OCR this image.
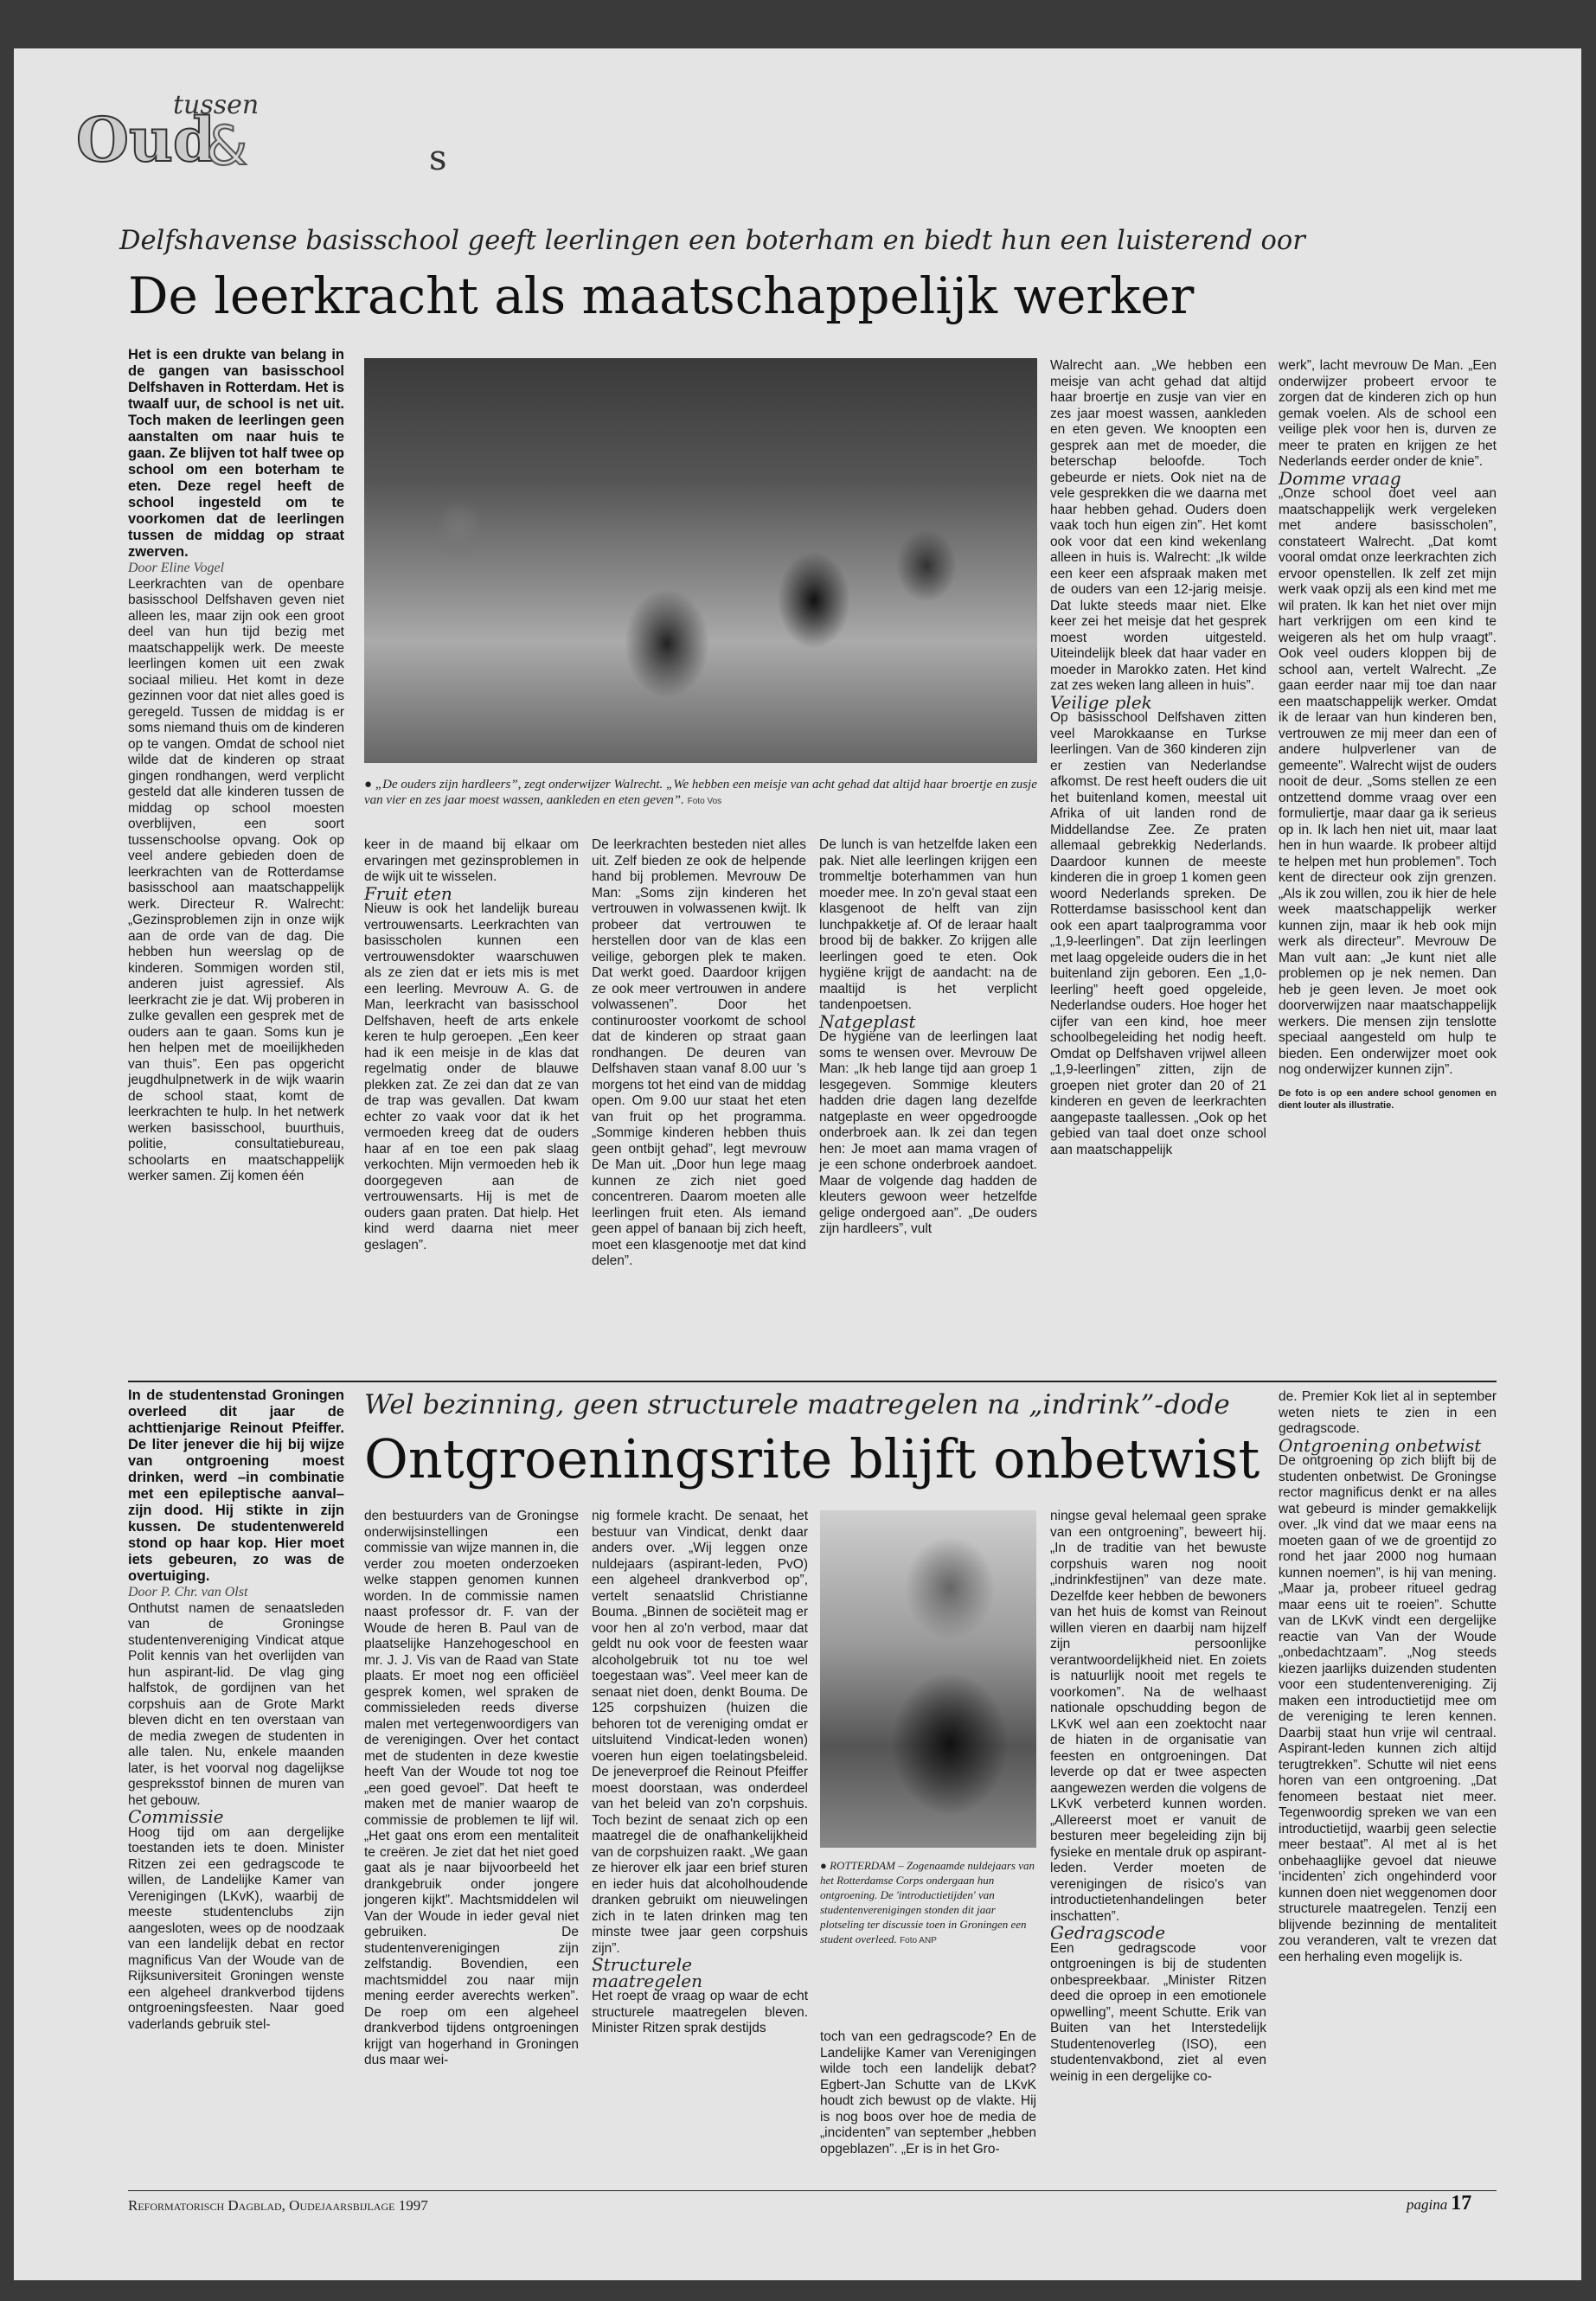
tussen
Oud
&	s
Delfshavense basisschool geeft leerlingen een boterham en biedt hun een luisterend oor
De leerkracht als maatschappelijk werker

Het is een drukte van belang in de gangen van basisschool Delfshaven in Rotterdam. Het is twaalf uur, de school is net uit. Toch maken de leerlingen geen aanstalten om naar huis te gaan. Ze blijven tot half twee op school om een boterham te eten. Deze regel heeft de school ingesteld om te voorkomen dat de leerlingen tussen de middag op straat zwerven.

Door Eline Vogel

Leerkrachten van de openbare basisschool Delfshaven geven niet alleen les, maar zijn ook een groot deel van hun tijd bezig met maatschappelijk werk. De meeste leerlingen komen uit een zwak sociaal milieu. Het komt in deze gezinnen voor dat niet alles goed is geregeld. Tussen de middag is er soms niemand thuis om de kinderen op te vangen. Omdat de school niet wilde dat de kinderen op straat gingen rondhangen, werd verplicht gesteld dat alle kinderen tussen de middag op school moesten overblijven, een soort tussenschoolse opvang. Ook op veel andere gebieden doen de leerkrachten van de Rotterdamse basisschool aan maatschappelijk werk. Directeur R. Walrecht: „Gezinsproblemen zijn in onze wijk aan de orde van de dag. Die hebben hun weerslag op de kinderen. Sommigen worden stil, anderen juist agressief. Als leerkracht zie je dat. Wij proberen in zulke gevallen een gesprek met de ouders aan te gaan. Soms kun je hen helpen met de moeilijkheden van thuis”. Een pas opgericht jeugdhulpnetwerk in de wijk waarin de school staat, komt de leerkrachten te hulp. In het netwerk werken basisschool, buurthuis, politie, consultatiebureau, schoolarts en maatschappelijk werker samen. Zij komen één

● „De ouders zijn hardleers”, zegt onderwijzer Walrecht. „We hebben een meisje van acht gehad dat altijd haar broertje en zusje van vier en zes jaar moest wassen, aankleden en eten geven”. Foto Vos

keer in de maand bij elkaar om ervaringen met gezinsproblemen in de wijk uit te wisselen.

Fruit eten

Nieuw is ook het landelijk bureau vertrouwensarts. Leerkrachten van basisscholen kunnen een vertrouwensdokter waarschuwen als ze zien dat er iets mis is met een leerling. Mevrouw A. G. de Man, leerkracht van basisschool Delfshaven, heeft de arts enkele keren te hulp geroepen. „Een keer had ik een meisje in de klas dat regelmatig onder de blauwe plekken zat. Ze zei dan dat ze van de trap was gevallen. Dat kwam echter zo vaak voor dat ik het vermoeden kreeg dat de ouders haar af en toe een pak slaag verkochten. Mijn vermoeden heb ik doorgegeven aan de vertrouwensarts. Hij is met de ouders gaan praten. Dat hielp. Het kind werd daarna niet meer geslagen”.

De leerkrachten besteden niet alles uit. Zelf bieden ze ook de helpende hand bij problemen. Mevrouw De Man: „Soms zijn kinderen het vertrouwen in volwassenen kwijt. Ik probeer dat vertrouwen te herstellen door van de klas een veilige, geborgen plek te maken. Dat werkt goed. Daardoor krijgen ze ook meer vertrouwen in andere volwassenen”. Door het continurooster voorkomt de school dat de kinderen op straat gaan rondhangen. De deuren van Delfshaven staan vanaf 8.00 uur 's morgens tot het eind van de middag open. Om 9.00 uur staat het eten van fruit op het programma. „Sommige kinderen hebben thuis geen ontbijt gehad”, legt mevrouw De Man uit. „Door hun lege maag kunnen ze zich niet goed concentreren. Daarom moeten alle leerlingen fruit eten. Als iemand geen appel of banaan bij zich heeft, moet een klasgenootje met dat kind delen”.

De lunch is van hetzelfde laken een pak. Niet alle leerlingen krijgen een trommeltje boterhammen van hun moeder mee. In zo'n geval staat een klasgenoot de helft van zijn lunchpakketje af. Of de leraar haalt brood bij de bakker. Zo krijgen alle leerlingen goed te eten. Ook hygiëne krijgt de aandacht: na de maaltijd is het verplicht tandenpoetsen.

Natgeplast

De hygiëne van de leerlingen laat soms te wensen over. Mevrouw De Man: „Ik heb lange tijd aan groep 1 lesgegeven. Sommige kleuters hadden drie dagen lang dezelfde natgeplaste en weer opgedroogde onderbroek aan. Ik zei dan tegen hen: Je moet aan mama vragen of je een schone onderbroek aandoet. Maar de volgende dag hadden de kleuters gewoon weer hetzelfde gelige ondergoed aan”. „De ouders zijn hardleers”, vult

Walrecht aan. „We hebben een meisje van acht gehad dat altijd haar broertje en zusje van vier en zes jaar moest wassen, aankleden en eten geven. We knoopten een gesprek aan met de moeder, die beterschap beloofde. Toch gebeurde er niets. Ook niet na de vele gesprekken die we daarna met haar hebben gehad. Ouders doen vaak toch hun eigen zin”. Het komt ook voor dat een kind wekenlang alleen in huis is. Walrecht: „Ik wilde een keer een afspraak maken met de ouders van een 12-jarig meisje. Dat lukte steeds maar niet. Elke keer zei het meisje dat het gesprek moest worden uitgesteld. Uiteindelijk bleek dat haar vader en moeder in Marokko zaten. Het kind zat zes weken lang alleen in huis”.

Veilige plek

Op basisschool Delfshaven zitten veel Marokkaanse en Turkse leerlingen. Van de 360 kinderen zijn er zestien van Nederlandse afkomst. De rest heeft ouders die uit het buitenland komen, meestal uit Afrika of uit landen rond de Middellandse Zee. Ze praten allemaal gebrekkig Nederlands. Daardoor kunnen de meeste kinderen die in groep 1 komen geen woord Nederlands spreken. De Rotterdamse basisschool kent dan ook een apart taalprogramma voor „1,9-leerlingen”. Dat zijn leerlingen met laag opgeleide ouders die in het buitenland zijn geboren. Een „1,0-leerling” heeft goed opgeleide, Nederlandse ouders. Hoe hoger het cijfer van een kind, hoe meer schoolbegeleiding het nodig heeft. Omdat op Delfshaven vrijwel alleen „1,9-leerlingen” zitten, zijn de groepen niet groter dan 20 of 21 kinderen en geven de leerkrachten aangepaste taallessen. „Ook op het gebied van taal doet onze school aan maatschappelijk

werk”, lacht mevrouw De Man. „Een onderwijzer probeert ervoor te zorgen dat de kinderen zich op hun gemak voelen. Als de school een veilige plek voor hen is, durven ze meer te praten en krijgen ze het Nederlands eerder onder de knie”.

Domme vraag

„Onze school doet veel aan maatschappelijk werk vergeleken met andere basisscholen”, constateert Walrecht. „Dat komt vooral omdat onze leerkrachten zich ervoor openstellen. Ik zelf zet mijn werk vaak opzij als een kind met me wil praten. Ik kan het niet over mijn hart verkrijgen om een kind te weigeren als het om hulp vraagt”. Ook veel ouders kloppen bij de school aan, vertelt Walrecht. „Ze gaan eerder naar mij toe dan naar een maatschappelijk werker. Omdat ik de leraar van hun kinderen ben, vertrouwen ze mij meer dan een of andere hulpverlener van de gemeente”. Walrecht wijst de ouders nooit de deur. „Soms stellen ze een ontzettend domme vraag over een formuliertje, maar daar ga ik serieus op in. Ik lach hen niet uit, maar laat hen in hun waarde. Ik probeer altijd te helpen met hun problemen”. Toch kent de directeur ook zijn grenzen. „Als ik zou willen, zou ik hier de hele week maatschappelijk werker kunnen zijn, maar ik heb ook mijn werk als directeur”. Mevrouw De Man vult aan: „Je kunt niet alle problemen op je nek nemen. Dan heb je geen leven. Je moet ook doorverwijzen naar maatschappelijk werkers. Die mensen zijn tenslotte speciaal aangesteld om hulp te bieden. Een onderwijzer moet ook nog onderwijzer kunnen zijn”.

De foto is op een andere school genomen en dient louter als illustratie.

In de studentenstad Groningen overleed dit jaar de achttienjarige Reinout Pfeiffer. De liter jenever die hij bij wijze van ontgroening moest drinken, werd –in combinatie met een epileptische aanval– zijn dood. Hij stikte in zijn kussen. De studentenwereld stond op haar kop. Hier moet iets gebeuren, zo was de overtuiging.

Door P. Chr. van Olst

Onthutst namen de senaatsleden van de Groningse studentenvereniging Vindicat atque Polit kennis van het overlijden van hun aspirant-lid. De vlag ging halfstok, de gordijnen van het corpshuis aan de Grote Markt bleven dicht en ten overstaan van de media zwegen de studenten in alle talen. Nu, enkele maanden later, is het voorval nog dagelijkse gespreksstof binnen de muren van het gebouw.

Commissie

Hoog tijd om aan dergelijke toestanden iets te doen. Minister Ritzen zei een gedragscode te willen, de Landelijke Kamer van Verenigingen (LKvK), waarbij de meeste studentenclubs zijn aangesloten, wees op de noodzaak van een landelijk debat en rector magnificus Van der Woude van de Rijksuniversiteit Groningen wenste een algeheel drankverbod tijdens ontgroeningsfeesten. Naar goed vaderlands gebruik stel-

Wel bezinning, geen structurele maatregelen na „indrink”-dode
Ontgroeningsrite blijft onbetwist

den bestuurders van de Groningse onderwijsinstellingen een commissie van wijze mannen in, die verder zou moeten onderzoeken welke stappen genomen kunnen worden. In de commissie namen naast professor dr. F. van der Woude de heren B. Paul van de plaatselijke Hanzehogeschool en mr. J. J. Vis van de Raad van State plaats. Er moet nog een officiëel gesprek komen, wel spraken de commissieleden reeds diverse malen met vertegenwoordigers van de verenigingen. Over het contact met de studenten in deze kwestie heeft Van der Woude tot nog toe „een goed gevoel”. Dat heeft te maken met de manier waarop de commissie de problemen te lijf wil. „Het gaat ons erom een mentaliteit te creëren. Je ziet dat het niet goed gaat als je naar bijvoorbeeld het drankgebruik onder jongere jongeren kijkt”. Machtsmiddelen wil Van der Woude in ieder geval niet gebruiken. De studentenverenigingen zijn zelfstandig. Bovendien, een machtsmiddel zou naar mijn mening eerder averechts werken”. De roep om een algeheel drankverbod tijdens ontgroeningen krijgt van hogerhand in Groningen dus maar wei-

nig formele kracht. De senaat, het bestuur van Vindicat, denkt daar anders over. „Wij leggen onze nuldejaars (aspirant-leden, PvO) een algeheel drankverbod op”, vertelt senaatslid Christianne Bouma. „Binnen de sociëteit mag er voor hen al zo'n verbod, maar dat geldt nu ook voor de feesten waar alcoholgebruik tot nu toe wel toegestaan was”. Veel meer kan de senaat niet doen, denkt Bouma. De 125 corpshuizen (huizen die behoren tot de vereniging omdat er uitsluitend Vindicat-leden wonen) voeren hun eigen toelatingsbeleid. De jeneverproef die Reinout Pfeiffer moest doorstaan, was onderdeel van het beleid van zo'n corpshuis. Toch bezint de senaat zich op een maatregel die de onafhankelijkheid van de corpshuizen raakt. „We gaan ze hierover elk jaar een brief sturen en ieder huis dat alcoholhoudende dranken gebruikt om nieuwelingen zich in te laten drinken mag ten minste twee jaar geen corpshuis zijn”.

Structurele maatregelen

Het roept de vraag op waar de echt structurele maatregelen bleven. Minister Ritzen sprak destijds

● ROTTERDAM – Zogenaamde nuldejaars van het Rotterdamse Corps ondergaan hun ontgroening. De 'introductietijden' van studentenverenigingen stonden dit jaar plotseling ter discussie toen in Groningen een student overleed. Foto ANP

toch van een gedragscode? En de Landelijke Kamer van Verenigingen wilde toch een landelijk debat? Egbert-Jan Schutte van de LKvK houdt zich bewust op de vlakte. Hij is nog boos over hoe de media de „incidenten” van september „hebben opgeblazen”. „Er is in het Gro-

ningse geval helemaal geen sprake van een ontgroening”, beweert hij. „In de traditie van het bewuste corpshuis waren nog nooit „indrinkfestijnen” van deze mate. Dezelfde keer hebben de bewoners van het huis de komst van Reinout willen vieren en daarbij nam hijzelf zijn persoonlijke verantwoordelijkheid niet. En zoiets is natuurlijk nooit met regels te voorkomen”. Na de welhaast nationale opschudding begon de LKvK wel aan een zoektocht naar de hiaten in de organisatie van feesten en ontgroeningen. Dat leverde op dat er twee aspecten aangewezen werden die volgens de LKvK verbeterd kunnen worden. „Allereerst moet er vanuit de besturen meer begeleiding zijn bij fysieke en mentale druk op aspirant-leden. Verder moeten de verenigingen de risico's van introductietenhandelingen beter inschatten”.

Gedragscode

Een gedragscode voor ontgroeningen is bij de studenten onbespreekbaar. „Minister Ritzen deed die oproep in een emotionele opwelling”, meent Schutte. Erik van Buiten van het Interstedelijk Studentenoverleg (ISO), een studentenvakbond, ziet al even weinig in een dergelijke co-

de. Premier Kok liet al in september weten niets te zien in een gedragscode.

Ontgroening onbetwist

De ontgroening op zich blijft bij de studenten onbetwist. De Groningse rector magnificus denkt er na alles wat gebeurd is minder gemakkelijk over. „Ik vind dat we maar eens na moeten gaan of we de groentijd zo rond het jaar 2000 nog humaan kunnen noemen”, is hij van mening. „Maar ja, probeer ritueel gedrag maar eens uit te roeien”. Schutte van de LKvK vindt een dergelijke reactie van Van der Woude „onbedachtzaam”. „Nog steeds kiezen jaarlijks duizenden studenten voor een studentenvereniging. Zij maken een introductietijd mee om de vereniging te leren kennen. Daarbij staat hun vrije wil centraal. Aspirant-leden kunnen zich altijd terugtrekken”. Schutte wil niet eens horen van een ontgroening. „Dat fenomeen bestaat niet meer. Tegenwoordig spreken we van een introductietijd, waarbij geen selectie meer bestaat”. Al met al is het onbehaaglijke gevoel dat nieuwe ‘incidenten’ zich ongehinderd voor kunnen doen niet weggenomen door structurele maatregelen. Tenzij een blijvende bezinning de mentaliteit zou veranderen, valt te vrezen dat een herhaling even mogelijk is.

Reformatorisch Dagblad, Oudejaarsbijlage 1997	pagina 17
